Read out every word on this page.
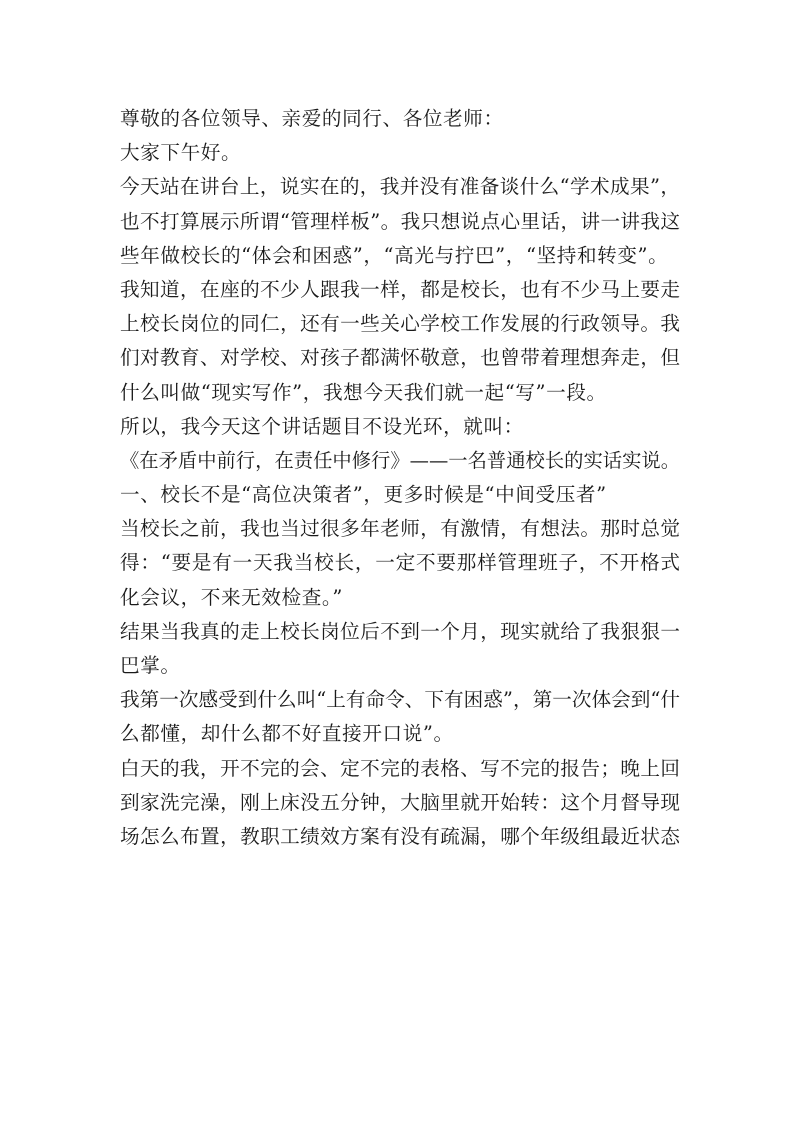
尊敬的各位领导、亲爱的同行、各位老师：
大家下午好。
今天站在讲台上，说实在的，我并没有准备谈什么“学术成果”，
也不打算展示所谓“管理样板”。我只想说点心里话，讲一讲我这
些年做校长的“体会和困惑”，“高光与拧巴”，“坚持和转变”。
我知道，在座的不少人跟我一样，都是校长，也有不少马上要走
上校长岗位的同仁，还有一些关心学校工作发展的行政领导。我
们对教育、对学校、对孩子都满怀敬意，也曾带着理想奔走，但
什么叫做“现实写作”，我想今天我们就一起“写”一段。
所以，我今天这个讲话题目不设光环，就叫：
《在矛盾中前行，在责任中修行》——一名普通校长的实话实说。
一、校长不是“高位决策者”，更多时候是“中间受压者”
当校长之前，我也当过很多年老师，有激情，有想法。那时总觉
得：“要是有一天我当校长，一定不要那样管理班子，不开格式
化会议，不来无效检查。”
结果当我真的走上校长岗位后不到一个月，现实就给了我狠狠一
巴掌。
我第一次感受到什么叫“上有命令、下有困惑”，第一次体会到“什
么都懂，却什么都不好直接开口说”。
白天的我，开不完的会、定不完的表格、写不完的报告；晚上回
到家洗完澡，刚上床没五分钟，大脑里就开始转：这个月督导现
场怎么布置，教职工绩效方案有没有疏漏，哪个年级组最近状态
